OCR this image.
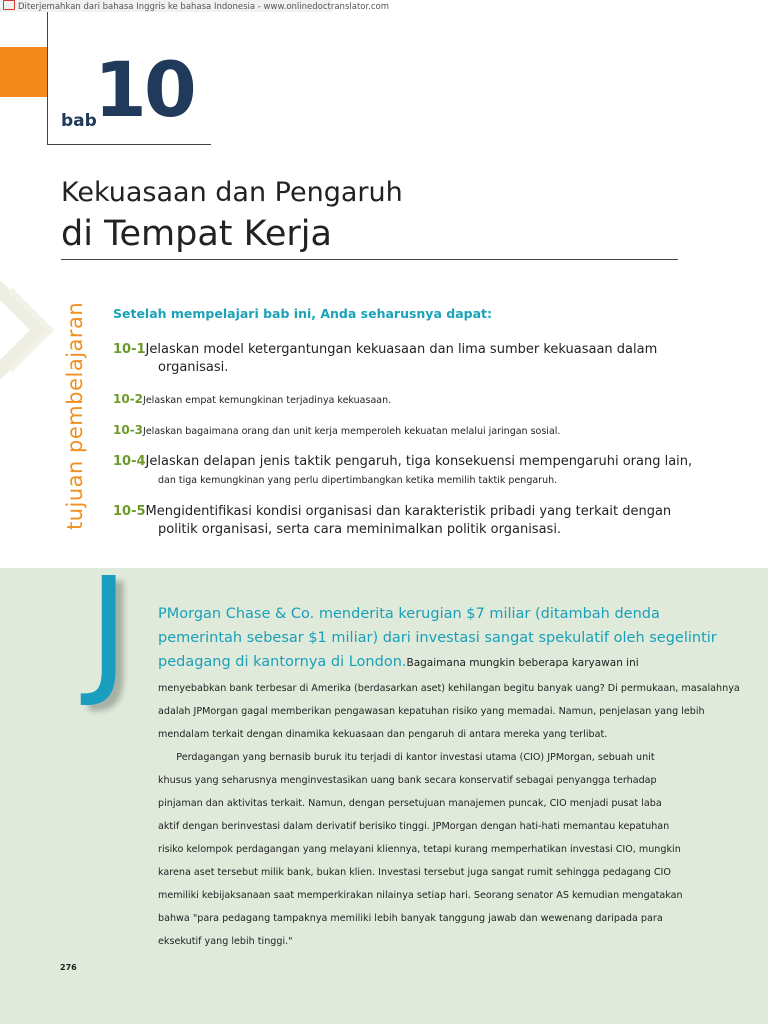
Diterjemahkan dari bahasa Inggris ke bahasa Indonesia - www.onlinedoctranslator.com
bab
10
Kekuasaan dan Pengaruh
di Tempat Kerja
tujuan pembelajaran Setelah mempelajari bab ini, Anda seharusnya dapat:
10-1Jelaskan model ketergantungan kekuasaan dan lima sumber kekuasaan dalam
organisasi.
10-2Jelaskan empat kemungkinan terjadinya kekuasaan.
10-3Jelaskan bagaimana orang dan unit kerja memperoleh kekuatan melalui jaringan sosial.
10-4Jelaskan delapan jenis taktik pengaruh, tiga konsekuensi mempengaruhi orang lain,
dan tiga kemungkinan yang perlu dipertimbangkan ketika memilih taktik pengaruh.
10-5Mengidentifikasi kondisi organisasi dan karakteristik pribadi yang terkait dengan
politik organisasi, serta cara meminimalkan politik organisasi.
J PMorgan Chase & Co. menderita kerugian $7 miliar (ditambah denda
pemerintah sebesar $1 miliar) dari investasi sangat spekulatif oleh segelintir
pedagang di kantornya di London.Bagaimana mungkin beberapa karyawan ini
menyebabkan bank terbesar di Amerika (berdasarkan aset) kehilangan begitu banyak uang? Di permukaan, masalahnya
adalah JPMorgan gagal memberikan pengawasan kepatuhan risiko yang memadai. Namun, penjelasan yang lebih
mendalam terkait dengan dinamika kekuasaan dan pengaruh di antara mereka yang terlibat.
Perdagangan yang bernasib buruk itu terjadi di kantor investasi utama (CIO) JPMorgan, sebuah unit
khusus yang seharusnya menginvestasikan uang bank secara konservatif sebagai penyangga terhadap
pinjaman dan aktivitas terkait. Namun, dengan persetujuan manajemen puncak, CIO menjadi pusat laba
aktif dengan berinvestasi dalam derivatif berisiko tinggi. JPMorgan dengan hati-hati memantau kepatuhan
risiko kelompok perdagangan yang melayani kliennya, tetapi kurang memperhatikan investasi CIO, mungkin
karena aset tersebut milik bank, bukan klien. Investasi tersebut juga sangat rumit sehingga pedagang CIO
memiliki kebijaksanaan saat memperkirakan nilainya setiap hari. Seorang senator AS kemudian mengatakan
bahwa "para pedagang tampaknya memiliki lebih banyak tanggung jawab dan wewenang daripada para
eksekutif yang lebih tinggi."
276
